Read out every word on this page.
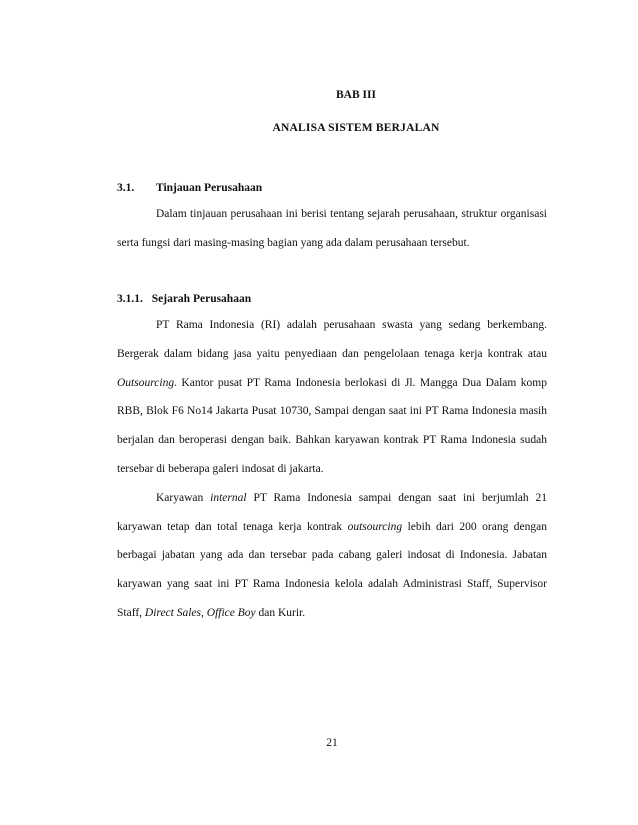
BAB III
ANALISA SISTEM BERJALAN
3.1. Tinjauan Perusahaan

Dalam tinjauan perusahaan ini berisi tentang sejarah perusahaan, struktur organisasi serta fungsi dari masing-masing bagian yang ada dalam perusahaan tersebut.

3.1.1. Sejarah Perusahaan

PT Rama Indonesia (RI) adalah perusahaan swasta yang sedang berkembang. Bergerak dalam bidang jasa yaitu penyediaan dan pengelolaan tenaga kerja kontrak atau Outsourcing. Kantor pusat PT Rama Indonesia berlokasi di Jl. Mangga Dua Dalam komp RBB, Blok F6 No14 Jakarta Pusat 10730, Sampai dengan saat ini PT Rama Indonesia masih berjalan dan beroperasi dengan baik. Bahkan karyawan kontrak PT Rama Indonesia sudah tersebar di beberapa galeri indosat di jakarta.

Karyawan internal PT Rama Indonesia sampai dengan saat ini berjumlah 21 karyawan tetap dan total tenaga kerja kontrak outsourcing lebih dari 200 orang dengan berbagai jabatan yang ada dan tersebar pada cabang galeri indosat di Indonesia. Jabatan karyawan yang saat ini PT Rama Indonesia kelola adalah Administrasi Staff, Supervisor Staff, Direct Sales, Office Boy dan Kurir.

21
